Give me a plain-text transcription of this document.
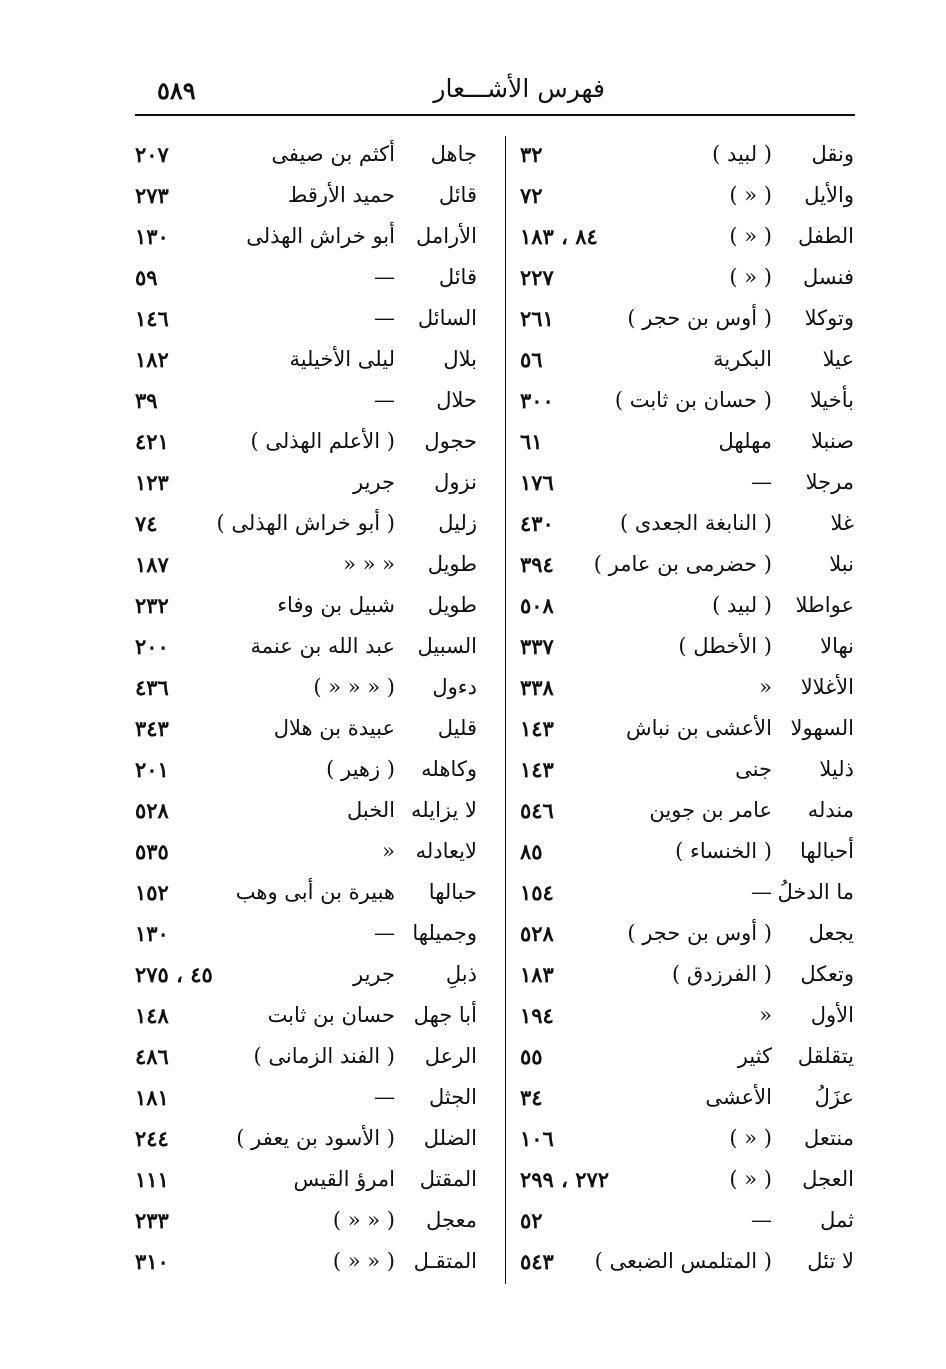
فهرس الأشـــعار
٥٨٩
ونقل
( لبيد )
٣٢
والأيل
( « )
٧٢
الطفل
( « )
٨٤ ، ١٨٣
فنسل
( « )
٢٢٧
وتوكلا
( أوس بن حجر )
٢٦١
عيلا
البكرية
٥٦
بأخيلا
( حسان بن ثابت )
٣٠٠
صنبلا
مهلهل
٦١
مرجلا
—
١٧٦
غلا
( النابغة الجعدى )
٤٣٠
نبلا
( حضرمى بن عامر )
٣٩٤
عواطلا
( لبيد )
٥٠٨
نهالا
( الأخطل )
٣٣٧
الأغلالا
«
٣٣٨
السهولا
الأعشى بن نباش
١٤٣
ذليلا
جنى
١٤٣
مندله
عامر بن جوين
٥٤٦
أحبالها
( الخنساء )
٨٥
ما الدخلُ
—
١٥٤
يجعل
( أوس بن حجر )
٥٢٨
وتعكل
( الفرزدق )
١٨٣
الأول
«
١٩٤
يتقلقل
كثير
٥٥
عزَلُ
الأعشى
٣٤
منتعل
( « )
١٠٦
العجل
( « )
٢٧٢ ، ٢٩٩
ثمل
—
٥٢
لا تئل
( المتلمس الضبعى )
٥٤٣
جاهل
أكثم بن صيفى
٢٠٧
قائل
حميد الأرقط
٢٧٣
الأرامل
أبو خراش الهذلى
١٣٠
قائل
—
٥٩
السائل
—
١٤٦
بلال
ليلى الأخيلية
١٨٢
حلال
—
٣٩
حجول
( الأعلم الهذلى )
٤٢١
نزول
جرير
١٢٣
زليل
( أبو خراش الهذلى )
٧٤
طويل
« « «
١٨٧
طويل
شبيل بن وفاء
٢٣٢
السبيل
عبد الله بن عنمة
٢٠٠
دءول
( « « « )
٤٣٦
قليل
عبيدة بن هلال
٣٤٣
وكاهله
( زهير )
٢٠١
لا يزايله
الخبل
٥٢٨
لايعادله
«
٥٣٥
حبالها
هبيرة بن أبى وهب
١٥٢
وجميلها
—
١٣٠
ذبلِ
جرير
٤٥ ، ٢٧٥
أبا جهل
حسان بن ثابت
١٤٨
الرعل
( الفند الزمانى )
٤٨٦
الجثل
—
١٨١
الضلل
( الأسود بن يعفر )
٢٤٤
المقتل
امرؤ القيس
١١١
معجل
( « « )
٢٣٣
المتقـل
( « « )
٣١٠
